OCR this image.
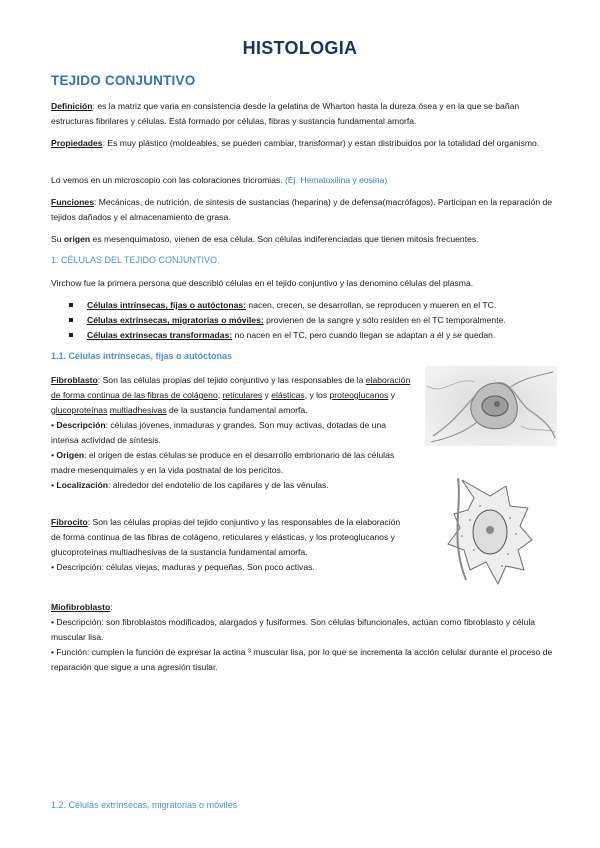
HISTOLOGIA
TEJIDO CONJUNTIVO
Definición: es la matriz que varia en consistencia desde la gelatina de Wharton hasta la dureza ósea y en la que se bañan estructuras fibrilares y células. Está formado por células, fibras y sustancia fundamental amorfa.
Propiedades: Es muy plástico (moldeables, se pueden cambiar, transformar) y estan distribuidos por la totalidad del organismo.
Lo vemos en un microscopio con las coloraciones tricromias. (Ej. Hematoxilina y eosina)
Funciones: Mecánicas, de nutrición, de sintesis de sustancias (heparina) y de defensa(macrófagos). Participan en la reparación de tejidos dañados y el almacenamiento de grasa.
Su origen es mesenquimatoso, vienen de esa célula. Son células indiferenciadas que tienen mitosis frecuentes.
1. CÉLULAS DEL TEJIDO CONJUNTIVO.
Virchow fue la primera persona que describió células en el tejido conjuntivo y las denomino células del plasma.
Células intrínsecas, fijas o autóctonas: nacen, crecen, se desarrollan, se reproducen y mueren en el TC.
Células extrínsecas, migratorias o móviles: provienen de la sangre y sólo residen en el TC temporalmente.
Células extrínsecas transformadas: no nacen en el TC, pero cuando llegan se adaptan a él y se quedan.
1.1. Células intrínsecas, fijas o autóctonas
Fibroblasto: Son las células propias del tejido conjuntivo y las responsables de la elaboración de forma continua de las fibras de colágeno, reticulares y elásticas, y los proteoglucanos y glucoproteínas multiadhesivas de la sustancia fundamental amorfa.
• Descripción: células jóvenes, inmaduras y grandes. Son muy activas, dotadas de una intensa actividad de síntesis.
• Origen: el origen de estas células se produce en el desarrollo embrionario de las células madre mesenquimales y en la vida postnatal de los pericitos.
• Localización: alrededor del endotelio de los capilares y de las vénulas.
Fibrocito: Son las células propias del tejido conjuntivo y las responsables de la elaboración de forma continua de las fibras de colágeno, reticulares y elásticas, y los proteoglucanos y glucoproteínas multiadhesivas de la sustancia fundamental amorfa.
• Descripción: células viejas, maduras y pequeñas. Son poco activas.
Miofibroblasto:
• Descripción: son fibroblastos modificados, alargados y fusiformes. Son células bifuncionales, actúan como fibroblasto y célula muscular lisa.
• Función: cumplen la función de expresar la actina ³ muscular lisa, por lo que se incrementa la acción celular durante el proceso de reparación que sigue a una agresión tisular.
1.2. Células extrínsecas, migratorias o móviles
